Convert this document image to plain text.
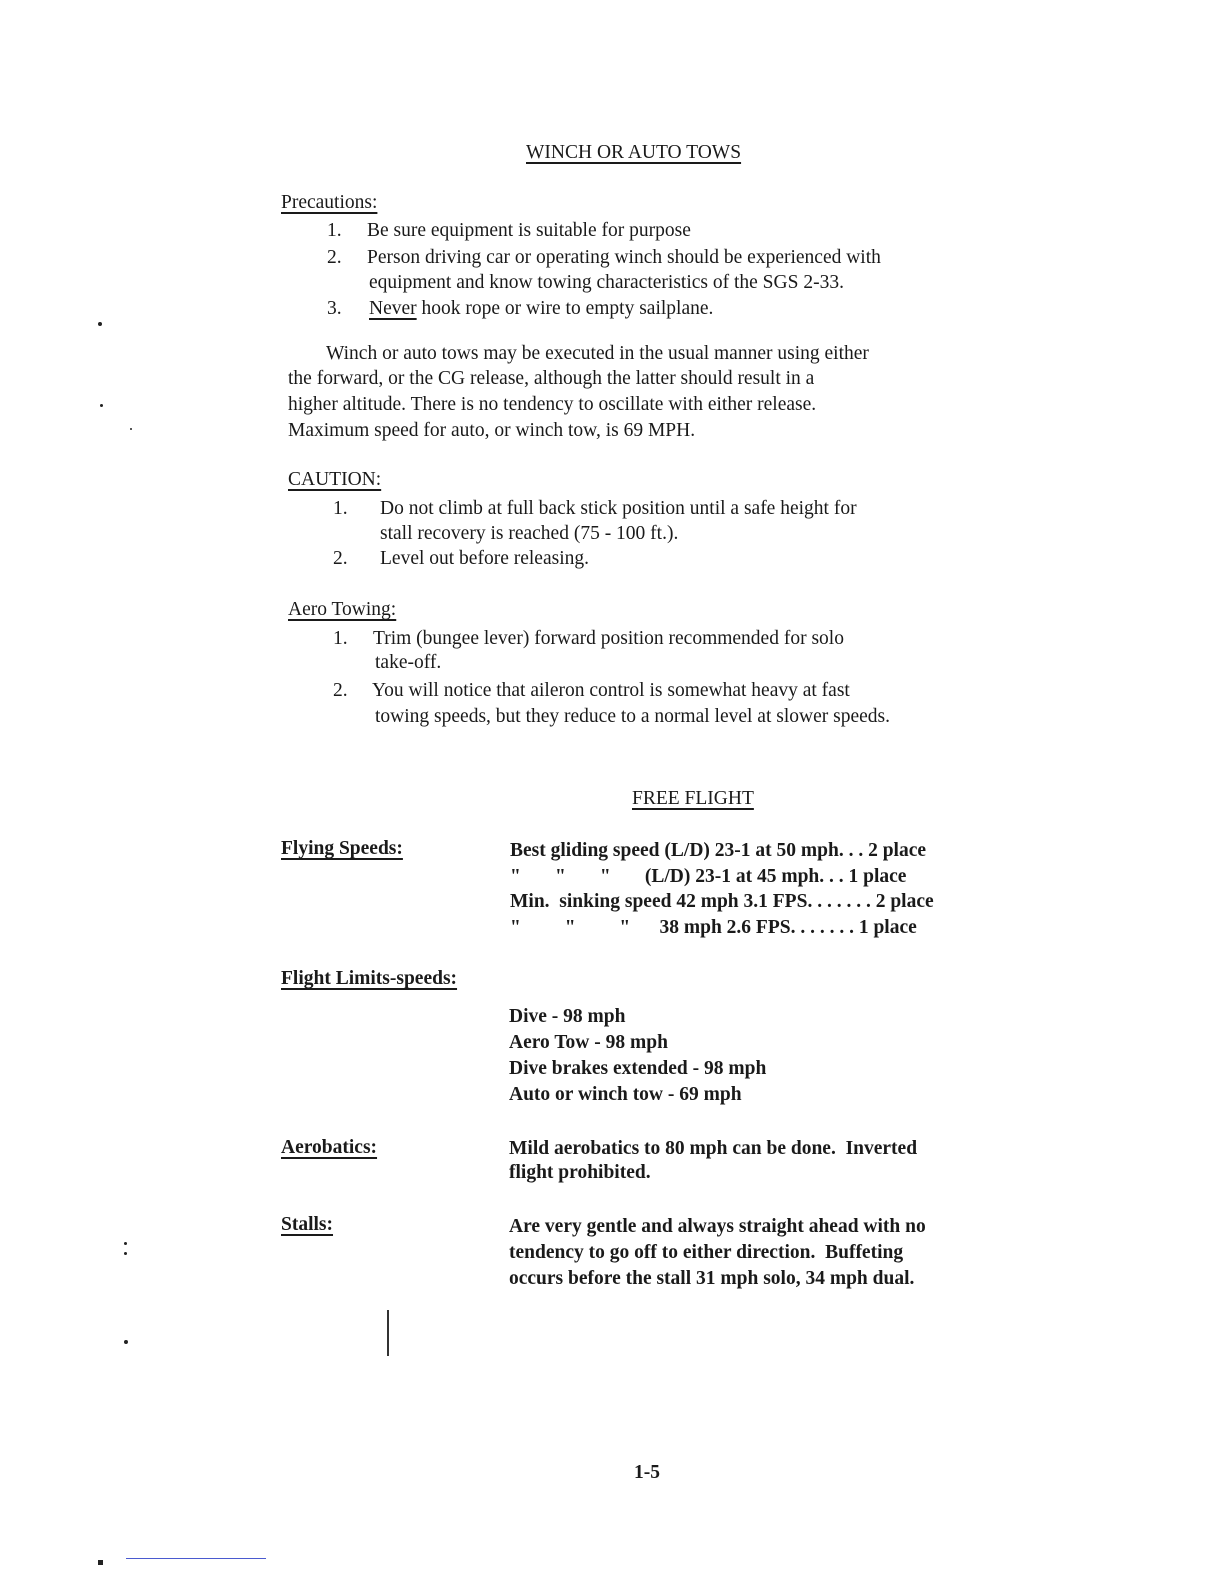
WINCH OR AUTO TOWS
Precautions:
1. Be sure equipment is suitable for purpose
2. Person driving car or operating winch should be experienced with
equipment and know towing characteristics of the SGS 2-33.
3. Never hook rope or wire to empty sailplane.
Winch or auto tows may be executed in the usual manner using either
the forward, or the CG release, although the latter should result in a
higher altitude. There is no tendency to oscillate with either release.
Maximum speed for auto, or winch tow, is 69 MPH.
CAUTION:
1. Do not climb at full back stick position until a safe height for
stall recovery is reached (75 - 100 ft.).
2. Level out before releasing.
Aero Towing:
1. Trim (bungee lever) forward position recommended for solo
take-off.
2. You will notice that aileron control is somewhat heavy at fast
towing speeds, but they reduce to a normal level at slower speeds.
FREE FLIGHT
Flying Speeds:	Best gliding speed (L/D) 23-1 at 50 mph. . . 2 place
"       "       "       (L/D) 23-1 at 45 mph. . . 1 place
Min.  sinking speed 42 mph 3.1 FPS. . . . . . . 2 place
"         "         "      38 mph 2.6 FPS. . . . . . . 1 place
Flight Limits-speeds:
Dive - 98 mph
Aero Tow - 98 mph
Dive brakes extended - 98 mph
Auto or winch tow - 69 mph
Aerobatics:	Mild aerobatics to 80 mph can be done.  Inverted
flight prohibited.
Stalls:	Are very gentle and always straight ahead with no
tendency to go off to either direction.  Buffeting
occurs before the stall 31 mph solo, 34 mph dual.
1-5
